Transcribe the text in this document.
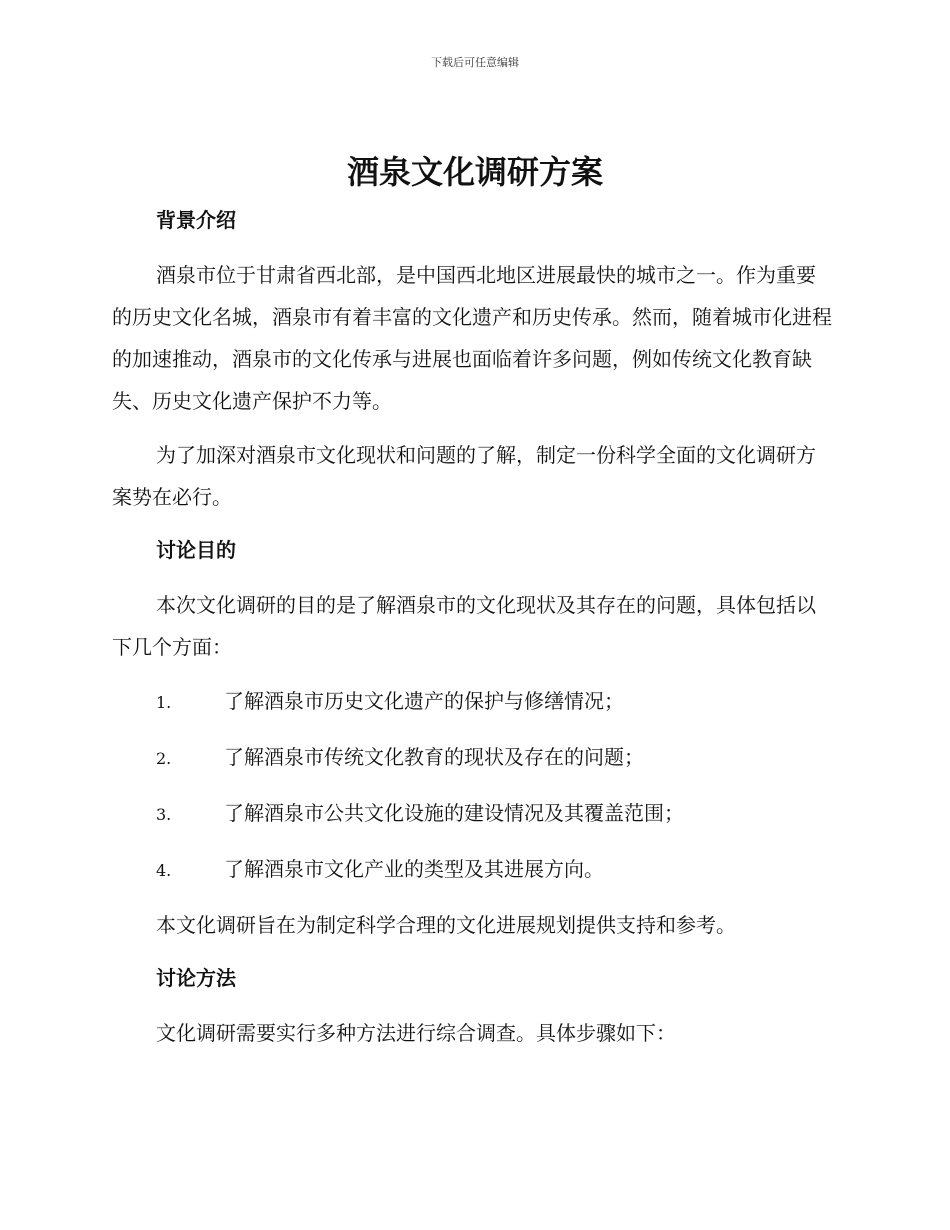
下载后可任意编辑
酒泉文化调研方案
背景介绍

酒泉市位于甘肃省西北部，是中国西北地区进展最快的城市之一。作为重要的历史文化名城，酒泉市有着丰富的文化遗产和历史传承。然而，随着城市化进程的加速推动，酒泉市的文化传承与进展也面临着许多问题，例如传统文化教育缺失、历史文化遗产保护不力等。

为了加深对酒泉市文化现状和问题的了解，制定一份科学全面的文化调研方案势在必行。

讨论目的

本次文化调研的目的是了解酒泉市的文化现状及其存在的问题，具体包括以下几个方面：

1.	了解酒泉市历史文化遗产的保护与修缮情况；
2.	了解酒泉市传统文化教育的现状及存在的问题；
3.	了解酒泉市公共文化设施的建设情况及其覆盖范围；
4.	了解酒泉市文化产业的类型及其进展方向。

本文化调研旨在为制定科学合理的文化进展规划提供支持和参考。

讨论方法

文化调研需要实行多种方法进行综合调查。具体步骤如下：
